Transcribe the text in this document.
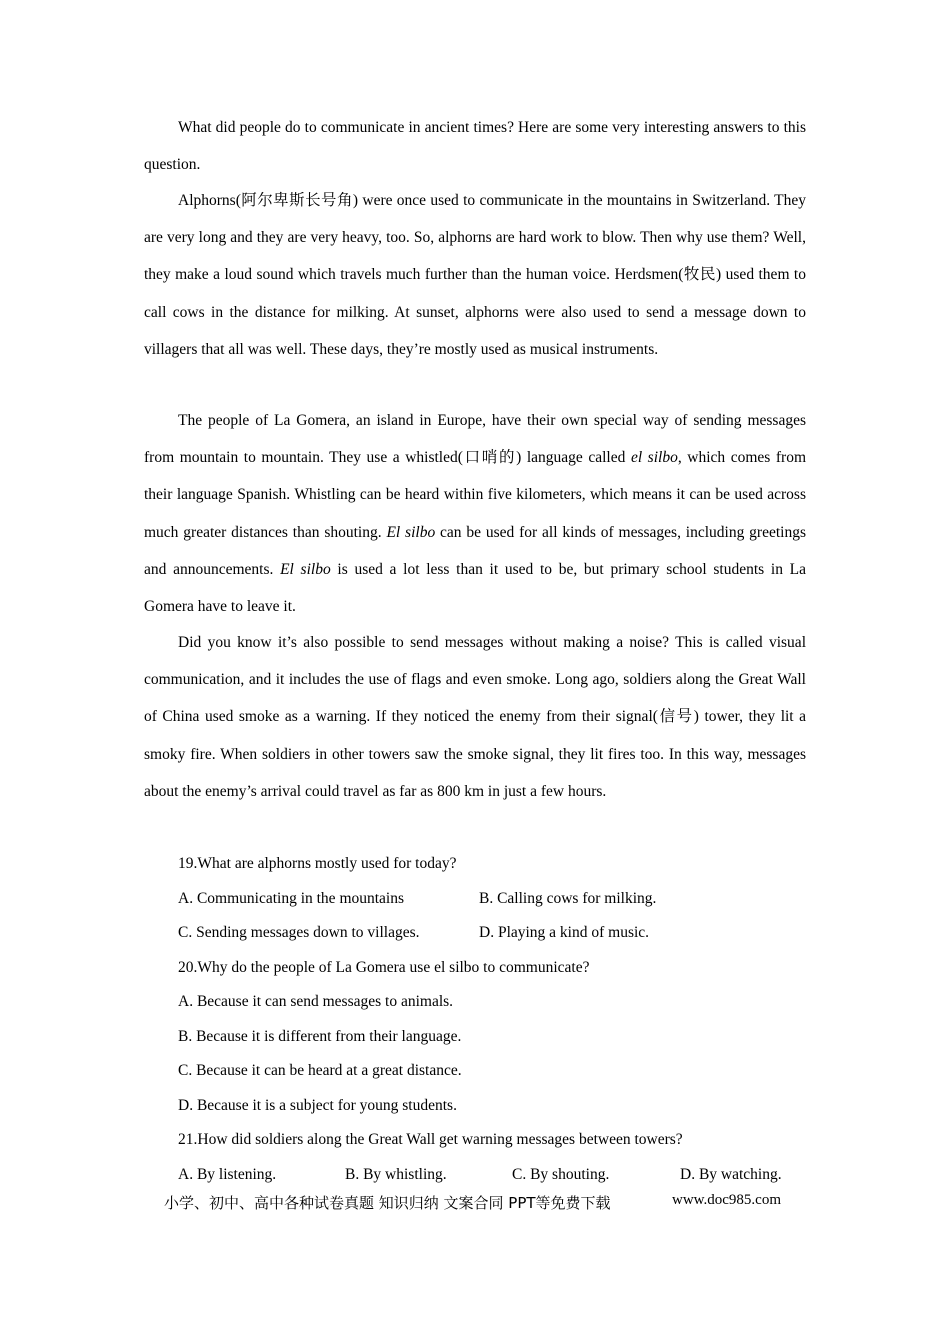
What did people do to communicate in ancient times? Here are some very interesting answers to this question.

Alphorns(阿尔卑斯长号角) were once used to communicate in the mountains in Switzerland. They are very long and they are very heavy, too. So, alphorns are hard work to blow. Then why use them? Well, they make a loud sound which travels much further than the human voice. Herdsmen(牧民) used them to call cows in the distance for milking. At sunset, alphorns were also used to send a message down to villagers that all was well. These days, they’re mostly used as musical instruments.

The people of La Gomera, an island in Europe, have their own special way of sending messages from mountain to mountain. They use a whistled(口哨的) language called el silbo, which comes from their language Spanish. Whistling can be heard within five kilometers, which means it can be used across much greater distances than shouting. El silbo can be used for all kinds of messages, including greetings and announcements. El silbo is used a lot less than it used to be, but primary school students in La Gomera have to leave it.

Did you know it’s also possible to send messages without making a noise? This is called visual communication, and it includes the use of flags and even smoke. Long ago, soldiers along the Great Wall of China used smoke as a warning. If they noticed the enemy from their signal(信号) tower, they lit a smoky fire. When soldiers in other towers saw the smoke signal, they lit fires too. In this way, messages about the enemy’s arrival could travel as far as 800 km in just a few hours.

19.What are alphorns mostly used for today?

A. Communicating in the mountains	B. Calling cows for milking.

C. Sending messages down to villages.	D. Playing a kind of music.

20.Why do the people of La Gomera use el silbo to communicate?

A. Because it can send messages to animals.

B. Because it is different from their language.

C. Because it can be heard at a great distance.

D. Because it is a subject for young students.

21.How did soldiers along the Great Wall get warning messages between towers?

A. By listening.	B. By whistling.	C. By shouting.	D. By watching.

小学、初中、高中各种试卷真题 知识归纳 文案合同 PPT等免费下载	www.doc985.com
